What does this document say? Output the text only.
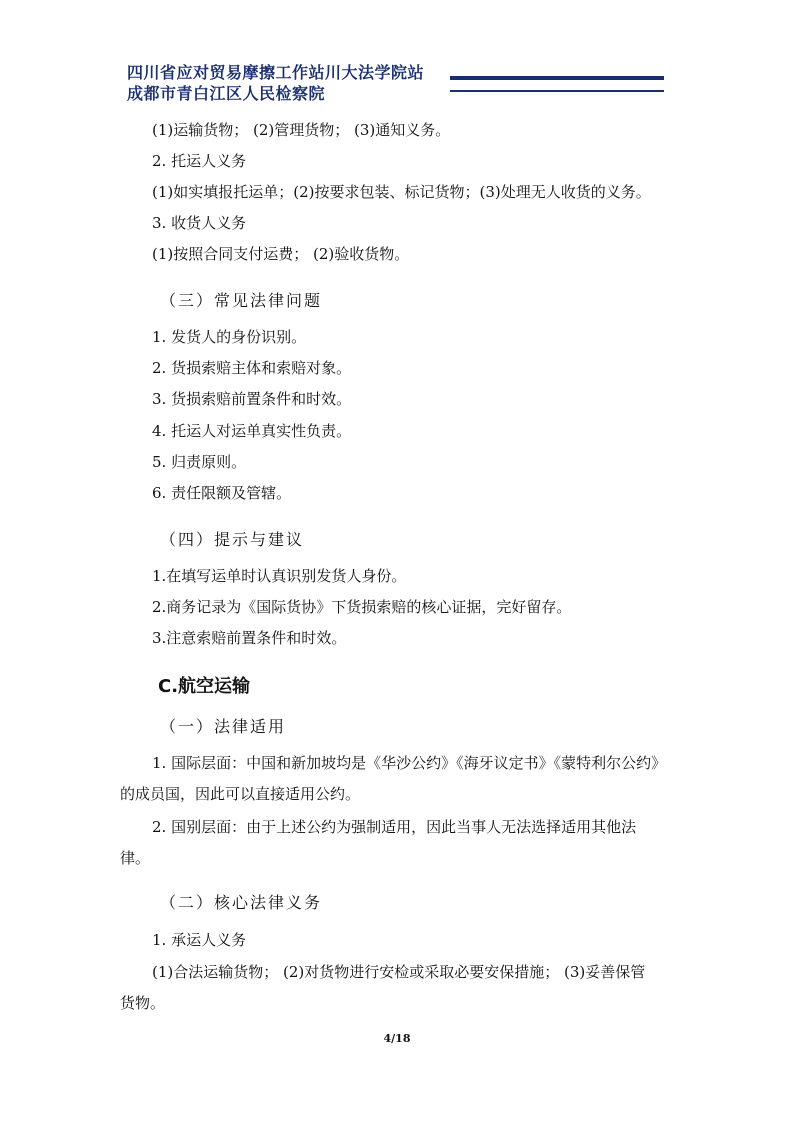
四川省应对贸易摩擦工作站川大法学院站
成都市青白江区人民检察院
(1)运输货物； (2)管理货物； (3)通知义务。
2. 托运人义务
(1)如实填报托运单；(2)按要求包装、标记货物；(3)处理无人收货的义务。
3. 收货人义务
(1)按照合同支付运费； (2)验收货物。
（三）常见法律问题
1. 发货人的身份识别。
2. 货损索赔主体和索赔对象。
3. 货损索赔前置条件和时效。
4. 托运人对运单真实性负责。
5. 归责原则。
6. 责任限额及管辖。
（四）提示与建议
1.在填写运单时认真识别发货人身份。
2.商务记录为《国际货协》下货损索赔的核心证据，完好留存。
3.注意索赔前置条件和时效。
C.航空运输
（一）法律适用
1. 国际层面：中国和新加坡均是《华沙公约》《海牙议定书》《蒙特利尔公约》
的成员国，因此可以直接适用公约。
2. 国别层面：由于上述公约为强制适用，因此当事人无法选择适用其他法
律。
（二）核心法律义务
1. 承运人义务
(1)合法运输货物； (2)对货物进行安检或采取必要安保措施； (3)妥善保管
货物。
4/18
